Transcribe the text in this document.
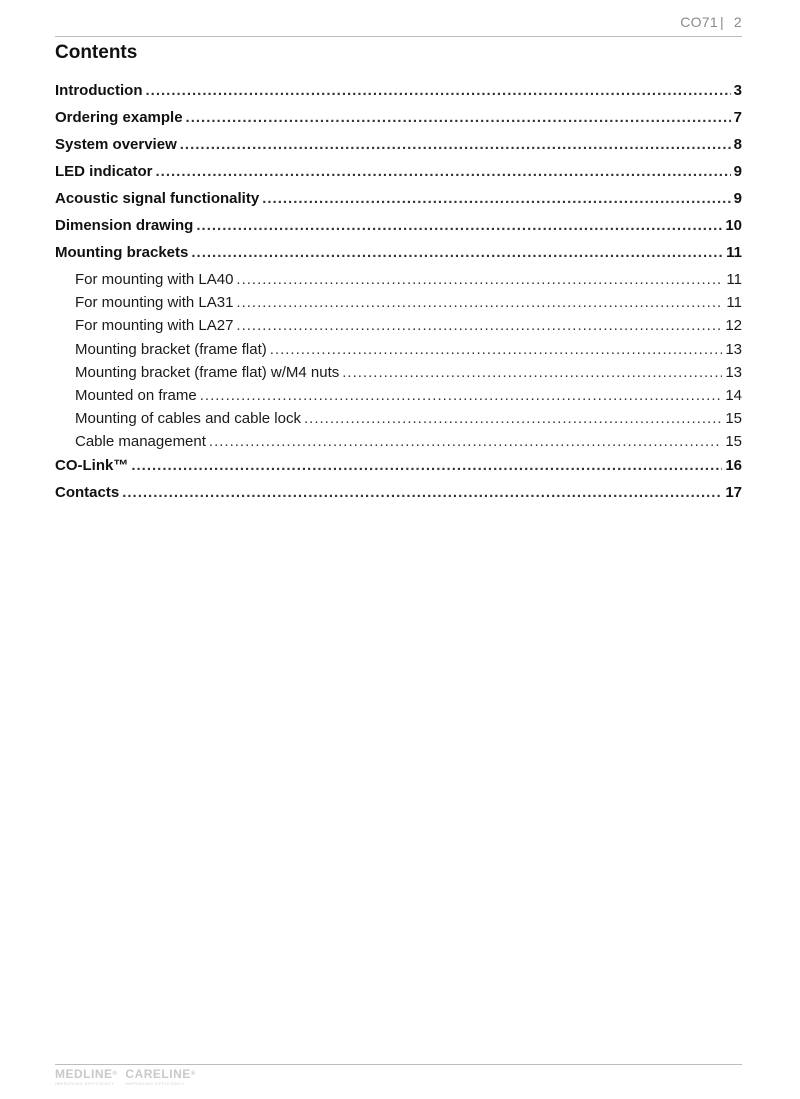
CO71 | 2
Contents
Introduction .....	3
Ordering example .....	7
System overview .....	8
LED indicator .....	9
Acoustic signal functionality .....	9
Dimension drawing .....	10
Mounting brackets .....	11
For mounting with LA40 .....	11
For mounting with LA31 .....	11
For mounting with LA27 .....	12
Mounting bracket (frame flat) .....	13
Mounting bracket (frame flat) w/M4 nuts .....	13
Mounted on frame .....	14
Mounting of cables and cable lock .....	15
Cable management .....	15
CO-Link™ .....	16
Contacts .....	17
MEDLINE®
IMPROVING EFFICIENCY
CARELINE®
IMPROVING EFFICIENCY
